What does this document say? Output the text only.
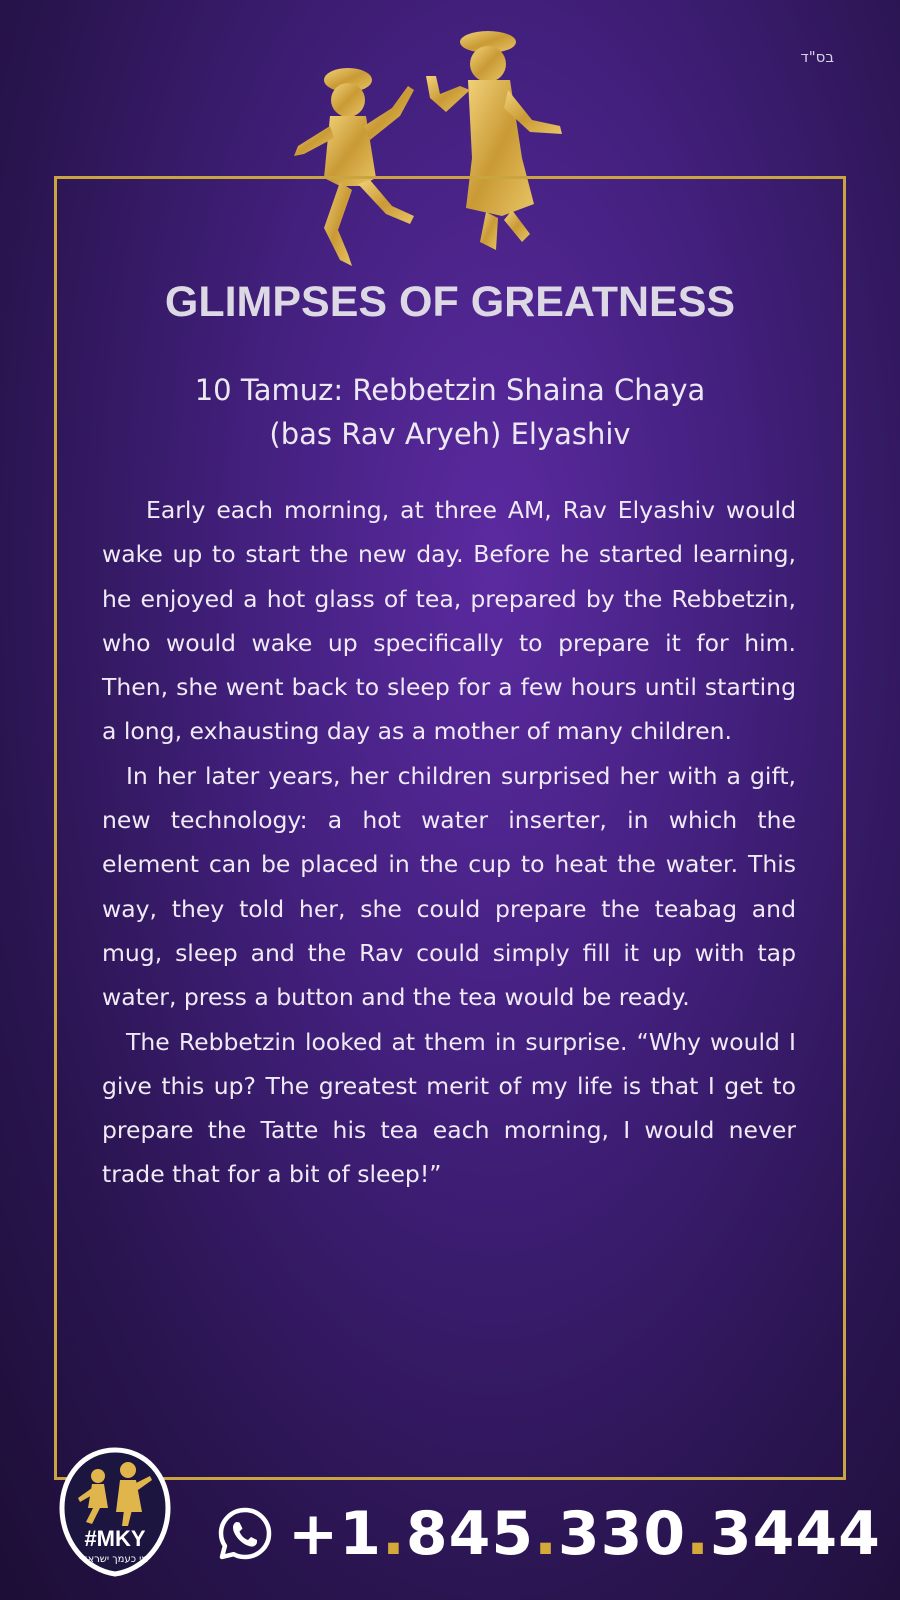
בס"ד
GLIMPSES OF GREATNESS
10 Tamuz: Rebbetzin Shaina Chaya
(bas Rav Aryeh) Elyashiv

Early each morning, at three AM, Rav Elyashiv would wake up to start the new day. Before he started learning, he enjoyed a hot glass of tea, prepared by the Rebbetzin, who would wake up specifically to prepare it for him. Then, she went back to sleep for a few hours until starting a long, exhausting day as a mother of many children.

In her later years, her children surprised her with a gift, new technology: a hot water inserter, in which the element can be placed in the cup to heat the water. This way, they told her, she could prepare the teabag and mug, sleep and the Rav could simply fill it up with tap water, press a button and the tea would be ready.

The Rebbetzin looked at them in surprise. “Why would I give this up? The greatest merit of my life is that I get to prepare the Tatte his tea each morning, I would never trade that for a bit of sleep!”

#MKY
מי כעמך ישראל +1.845.330.3444
